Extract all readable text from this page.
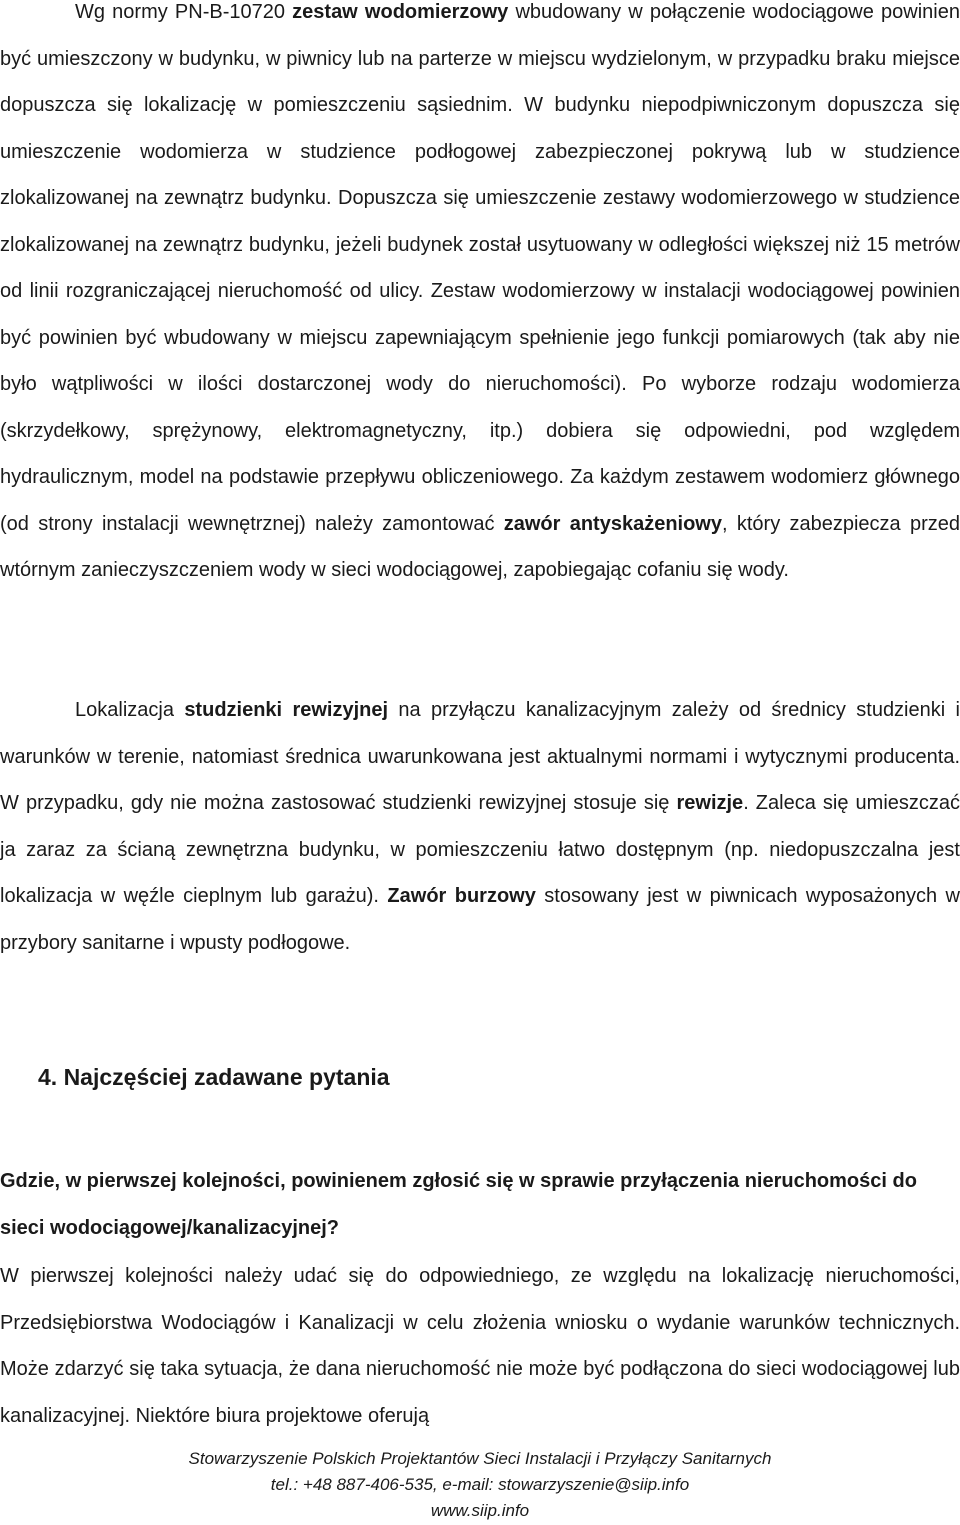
Wg normy PN-B-10720 zestaw wodomierzowy wbudowany w połączenie wodociągowe powinien być umieszczony w budynku, w piwnicy lub na parterze w miejscu wydzielonym, w przypadku braku miejsce dopuszcza się lokalizację w pomieszczeniu sąsiednim. W budynku niepodpiwniczonym dopuszcza się umieszczenie wodomierza w studzience podłogowej zabezpieczonej pokrywą lub w studzience zlokalizowanej na zewnątrz budynku. Dopuszcza się umieszczenie zestawy wodomierzowego w studzience zlokalizowanej na zewnątrz budynku, jeżeli budynek został usytuowany w odległości większej niż 15 metrów od linii rozgraniczającej nieruchomość od ulicy. Zestaw wodomierzowy w instalacji wodociągowej powinien być powinien być wbudowany w miejscu zapewniającym spełnienie jego funkcji pomiarowych (tak aby nie było wątpliwości w ilości dostarczonej wody do nieruchomości). Po wyborze rodzaju wodomierza (skrzydełkowy, sprężynowy, elektromagnetyczny, itp.) dobiera się odpowiedni, pod względem hydraulicznym, model na podstawie przepływu obliczeniowego. Za każdym zestawem wodomierz głównego (od strony instalacji wewnętrznej) należy zamontować zawór antyskażeniowy, który zabezpiecza przed wtórnym zanieczyszczeniem wody w sieci wodociągowej, zapobiegając cofaniu się wody.

Lokalizacja studzienki rewizyjnej na przyłączu kanalizacyjnym zależy od średnicy studzienki i warunków w terenie, natomiast średnica uwarunkowana jest aktualnymi normami i wytycznymi producenta. W przypadku, gdy nie można zastosować studzienki rewizyjnej stosuje się rewizje. Zaleca się umieszczać ja zaraz za ścianą zewnętrzna budynku, w pomieszczeniu łatwo dostępnym (np. niedopuszczalna jest lokalizacja w węźle cieplnym lub garażu). Zawór burzowy stosowany jest w piwnicach wyposażonych w przybory sanitarne i wpusty podłogowe.

4. Najczęściej zadawane pytania

Gdzie, w pierwszej kolejności, powinienem zgłosić się w sprawie przyłączenia nieruchomości do sieci wodociągowej/kanalizacyjnej?

W pierwszej kolejności należy udać się do odpowiedniego, ze względu na lokalizację nieruchomości, Przedsiębiorstwa Wodociągów i Kanalizacji w celu złożenia wniosku o wydanie warunków technicznych. Może zdarzyć się taka sytuacja, że dana nieruchomość nie może być podłączona do sieci wodociągowej lub kanalizacyjnej. Niektóre biura projektowe oferują

Stowarzyszenie Polskich Projektantów Sieci Instalacji i Przyłączy Sanitarnych
tel.: +48 887-406-535, e-mail: stowarzyszenie@siip.info
www.siip.info
